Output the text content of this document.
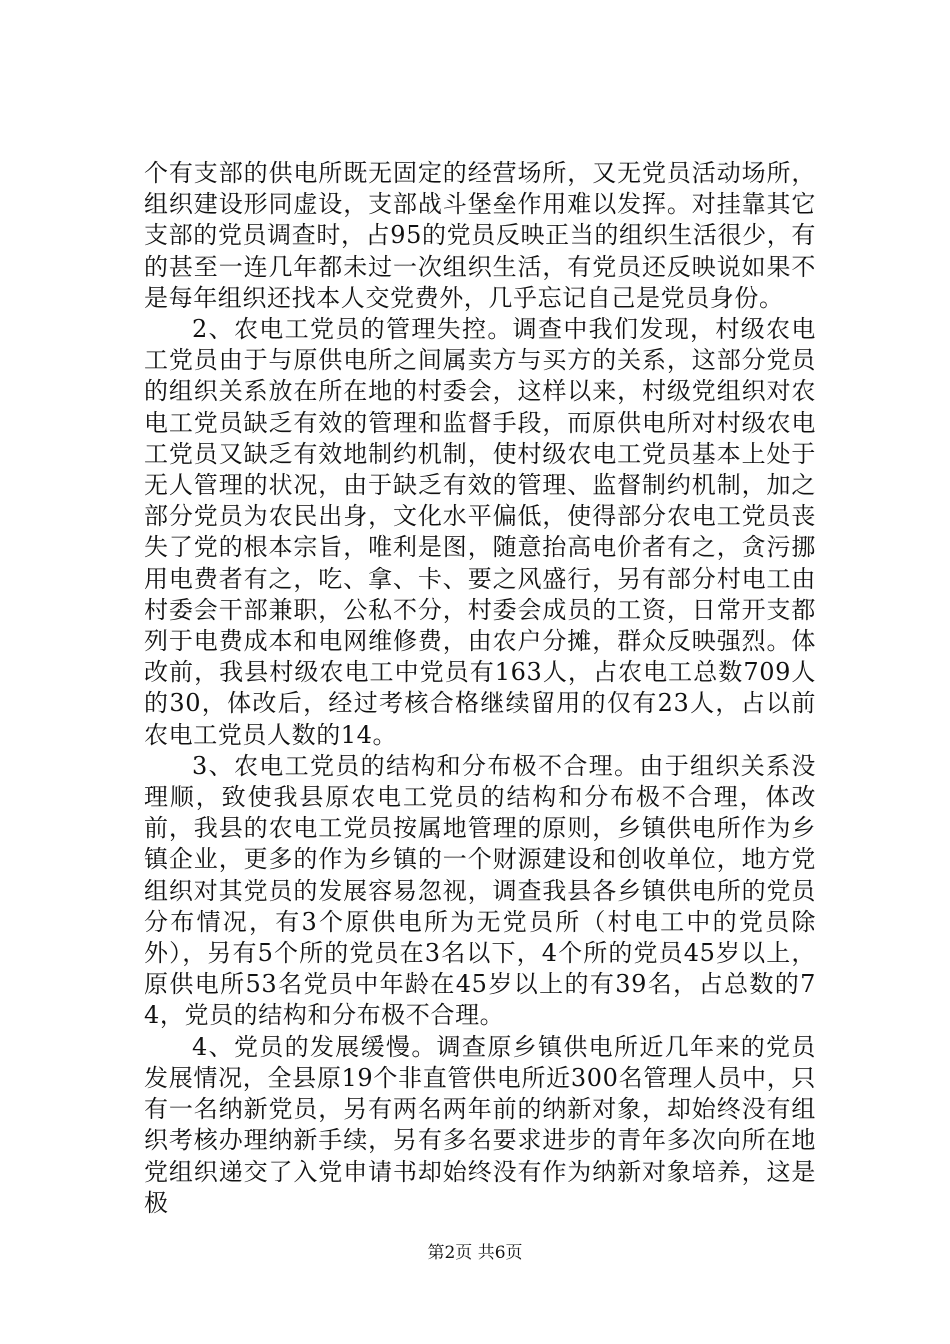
个有支部的供电所既无固定的经营场所，又无党员活动场所，组织建设形同虚设，支部战斗堡垒作用难以发挥。对挂靠其它支部的党员调查时，占95的党员反映正当的组织生活很少，有的甚至一连几年都未过一次组织生活，有党员还反映说如果不是每年组织还找本人交党费外，几乎忘记自己是党员身份。

2、农电工党员的管理失控。调查中我们发现，村级农电工党员由于与原供电所之间属卖方与买方的关系，这部分党员的组织关系放在所在地的村委会，这样以来，村级党组织对农电工党员缺乏有效的管理和监督手段，而原供电所对村级农电工党员又缺乏有效地制约机制，使村级农电工党员基本上处于无人管理的状况，由于缺乏有效的管理、监督制约机制，加之部分党员为农民出身，文化水平偏低，使得部分农电工党员丧失了党的根本宗旨，唯利是图，随意抬高电价者有之，贪污挪用电费者有之，吃、拿、卡、要之风盛行，另有部分村电工由村委会干部兼职，公私不分，村委会成员的工资，日常开支都列于电费成本和电网维修费，由农户分摊，群众反映强烈。体改前，我县村级农电工中党员有163人，占农电工总数709人的30，体改后，经过考核合格继续留用的仅有23人，占以前农电工党员人数的14。

3、农电工党员的结构和分布极不合理。由于组织关系没理顺，致使我县原农电工党员的结构和分布极不合理，体改前，我县的农电工党员按属地管理的原则，乡镇供电所作为乡镇企业，更多的作为乡镇的一个财源建设和创收单位，地方党组织对其党员的发展容易忽视，调查我县各乡镇供电所的党员分布情况，有3个原供电所为无党员所（村电工中的党员除外），另有5个所的党员在3名以下，4个所的党员45岁以上，原供电所53名党员中年龄在45岁以上的有39名，占总数的74，党员的结构和分布极不合理。

4、党员的发展缓慢。调查原乡镇供电所近几年来的党员发展情况，全县原19个非直管供电所近300名管理人员中，只有一名纳新党员，另有两名两年前的纳新对象，却始终没有组织考核办理纳新手续，另有多名要求进步的青年多次向所在地党组织递交了入党申请书却始终没有作为纳新对象培养，这是极

第2页 共6页
